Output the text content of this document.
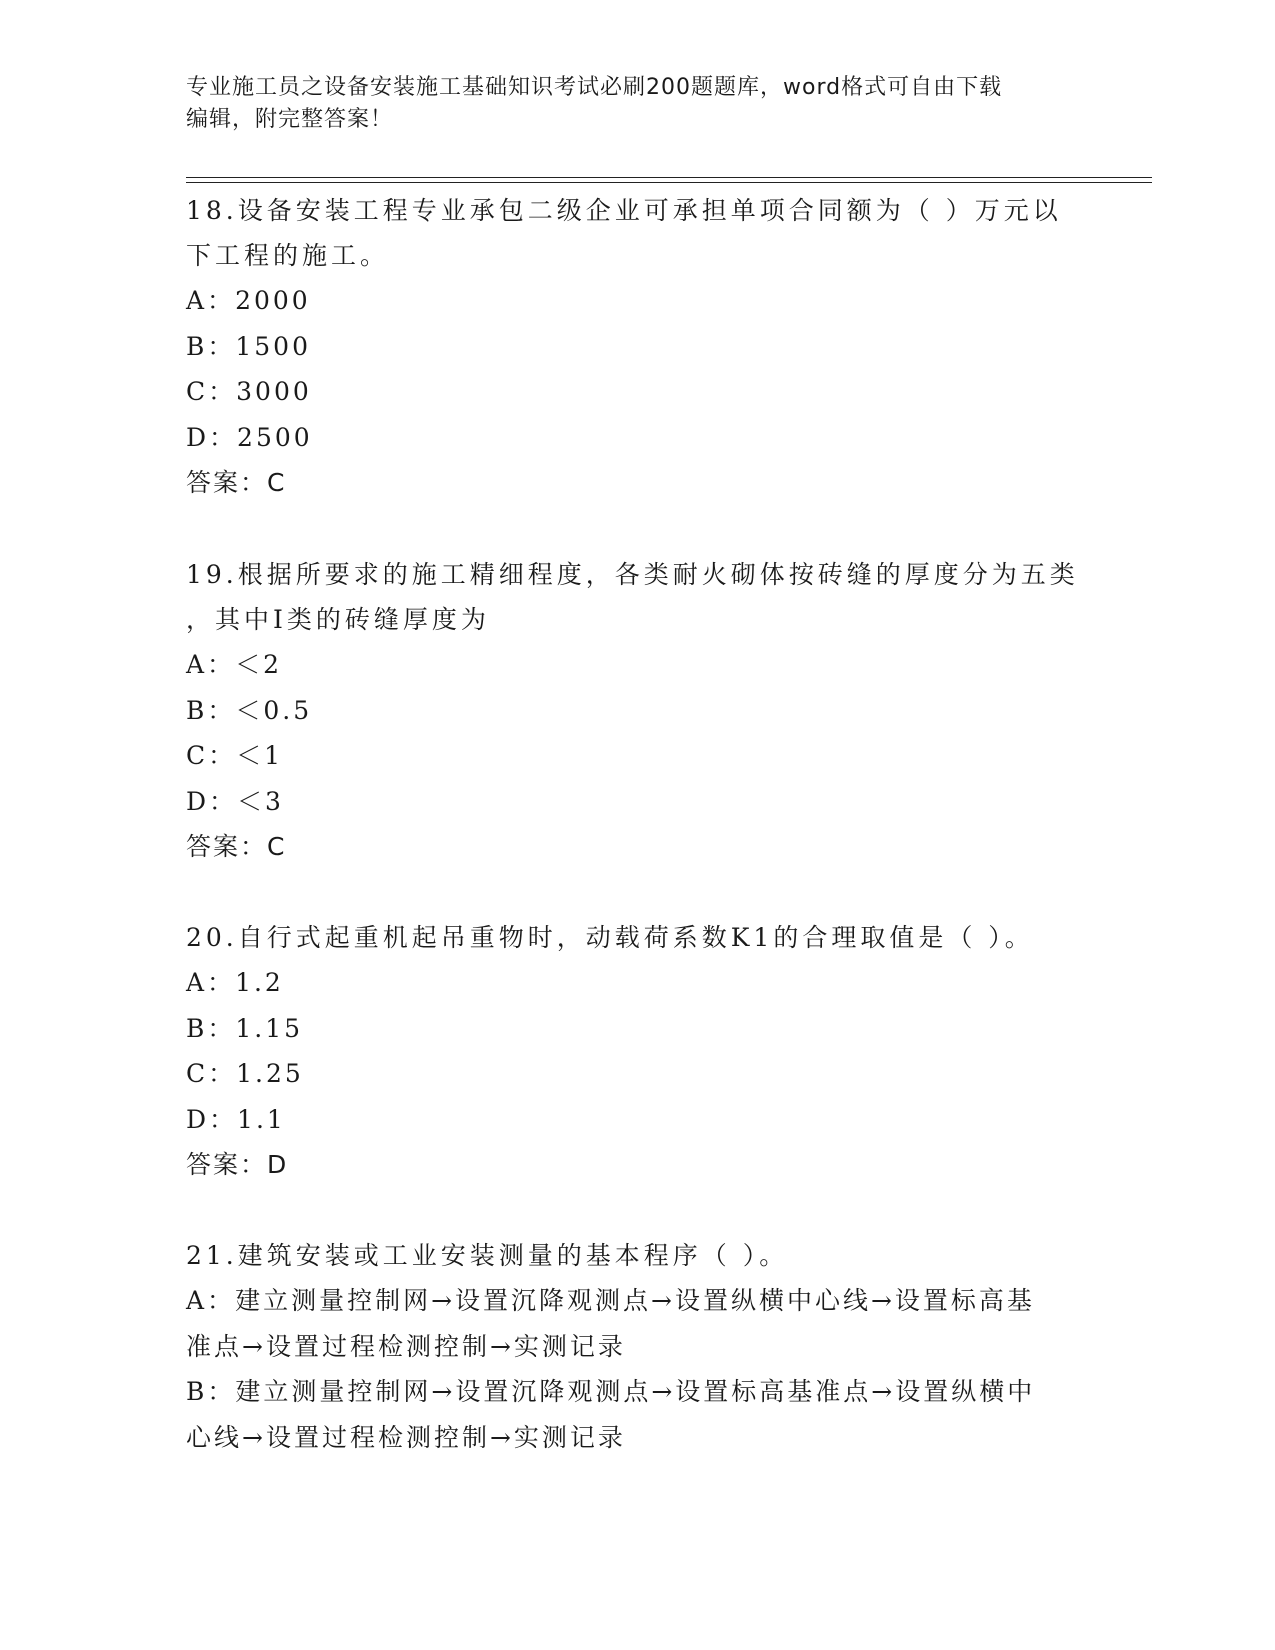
专业施工员之设备安装施工基础知识考试必刷200题题库，word格式可自由下载
编辑，附完整答案！

18.设备安装工程专业承包二级企业可承担单项合同额为（ ）万元以

下工程的施工。

A：2000

B：1500

C：3000

D：2500

答案：C

19.根据所要求的施工精细程度，各类耐火砌体按砖缝的厚度分为五类

，其中Ⅰ类的砖缝厚度为

A：＜2

B：＜0.5

C：＜1

D：＜3

答案：C

20.自行式起重机起吊重物时，动载荷系数K1的合理取值是（ ）。

A：1.2

B：1.15

C：1.25

D：1.1

答案：D

21.建筑安装或工业安装测量的基本程序（ ）。

A：建立测量控制网→设置沉降观测点→设置纵横中心线→设置标高基

准点→设置过程检测控制→实测记录

B：建立测量控制网→设置沉降观测点→设置标高基准点→设置纵横中

心线→设置过程检测控制→实测记录
